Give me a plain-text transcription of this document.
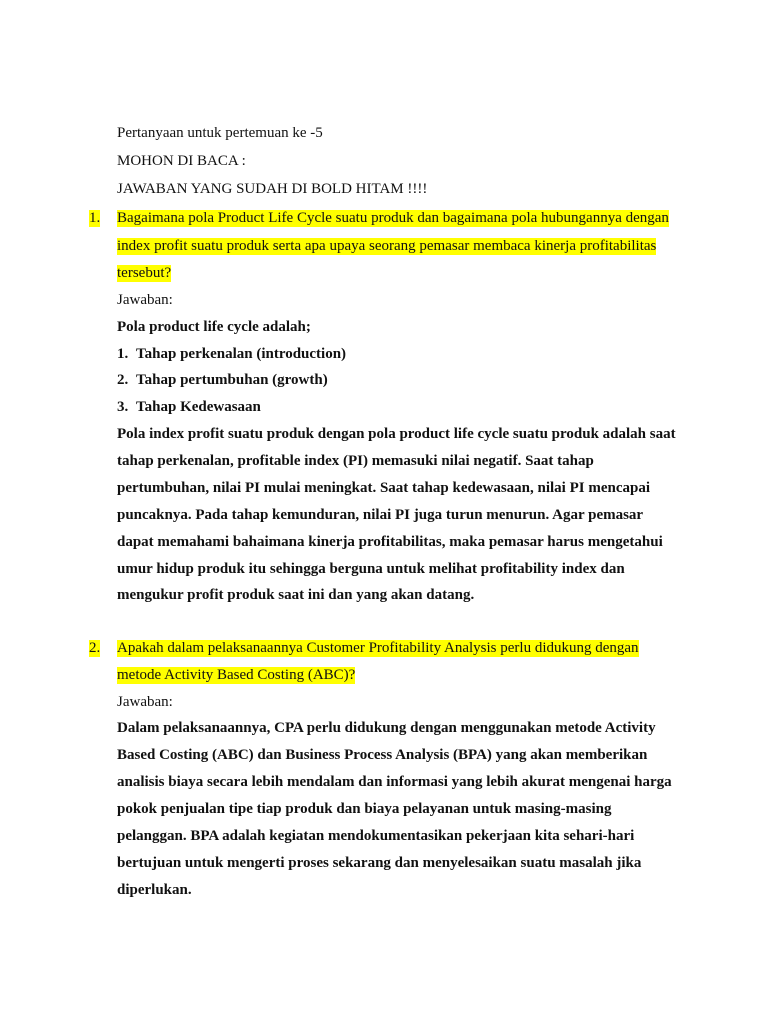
Pertanyaan untuk pertemuan ke -5
MOHON DI BACA :
JAWABAN YANG SUDAH DI BOLD HITAM !!!!
1. Bagaimana pola Product Life Cycle suatu produk dan bagaimana pola hubungannya dengan
index profit suatu produk serta apa upaya seorang pemasar membaca kinerja profitabilitas
tersebut?
Jawaban:
Pola product life cycle adalah;
1. Tahap perkenalan (introduction)
2. Tahap pertumbuhan (growth)
3. Tahap Kedewasaan
Pola index profit suatu produk dengan pola product life cycle suatu produk adalah saat
tahap perkenalan, profitable index (PI) memasuki nilai negatif. Saat tahap
pertumbuhan, nilai PI mulai meningkat. Saat tahap kedewasaan, nilai PI mencapai
puncaknya. Pada tahap kemunduran, nilai PI juga turun menurun. Agar pemasar
dapat memahami bahaimana kinerja profitabilitas, maka pemasar harus mengetahui
umur hidup produk itu sehingga berguna untuk melihat profitability index dan
mengukur profit produk saat ini dan yang akan datang.
2. Apakah dalam pelaksanaannya Customer Profitability Analysis perlu didukung dengan
metode Activity Based Costing (ABC)?
Jawaban:
Dalam pelaksanaannya, CPA perlu didukung dengan menggunakan metode Activity
Based Costing (ABC) dan Business Process Analysis (BPA) yang akan memberikan
analisis biaya secara lebih mendalam dan informasi yang lebih akurat mengenai harga
pokok penjualan tipe tiap produk dan biaya pelayanan untuk masing-masing
pelanggan. BPA adalah kegiatan mendokumentasikan pekerjaan kita sehari-hari
bertujuan untuk mengerti proses sekarang dan menyelesaikan suatu masalah jika
diperlukan.
